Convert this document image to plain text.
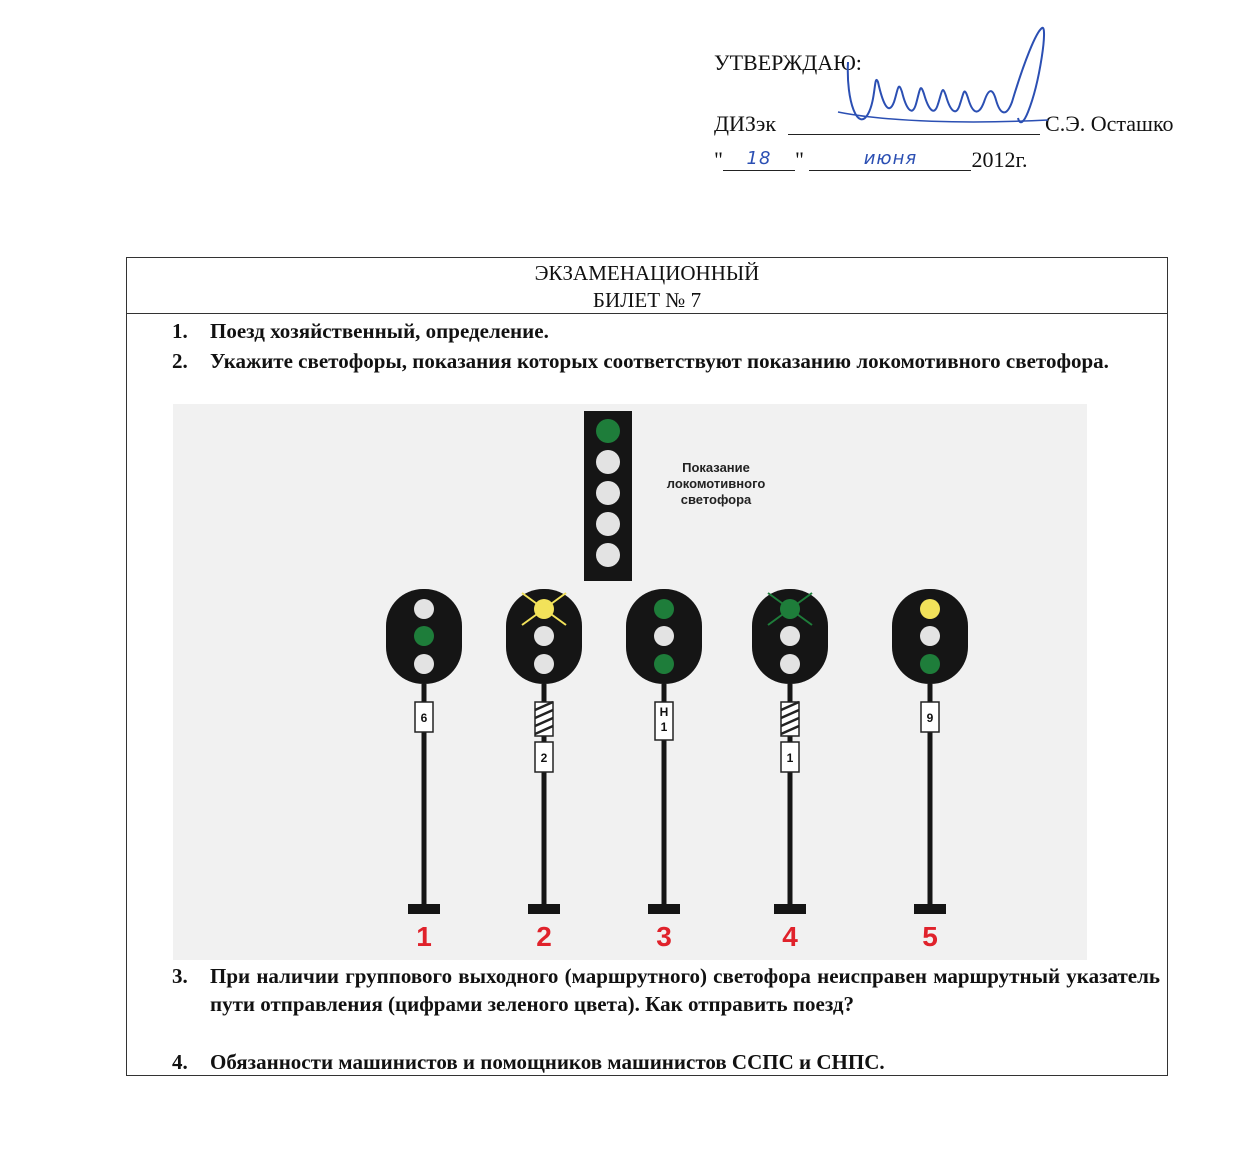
УТВЕРЖДАЮ:
ДИЗэк	С.Э. Осташко
"	18	"	июня	2012г.
ЭКЗАМЕНАЦИОННЫЙ
БИЛЕТ № 7
1. Поезд хозяйственный, определение.
2. Укажите светофоры, показания которых соответствуют показанию локомотивного светофора.
3. При наличии группового выходного (маршрутного) светофора неисправен маршрутный указатель пути отправления (цифрами зеленого цвета). Как отправить поезд?
4. Обязанности машинистов и помощников машинистов ССПС и СНПС.
Показание
локомотивного
светофора
6
1
2
2
Н
1
3
1
4
9
5
